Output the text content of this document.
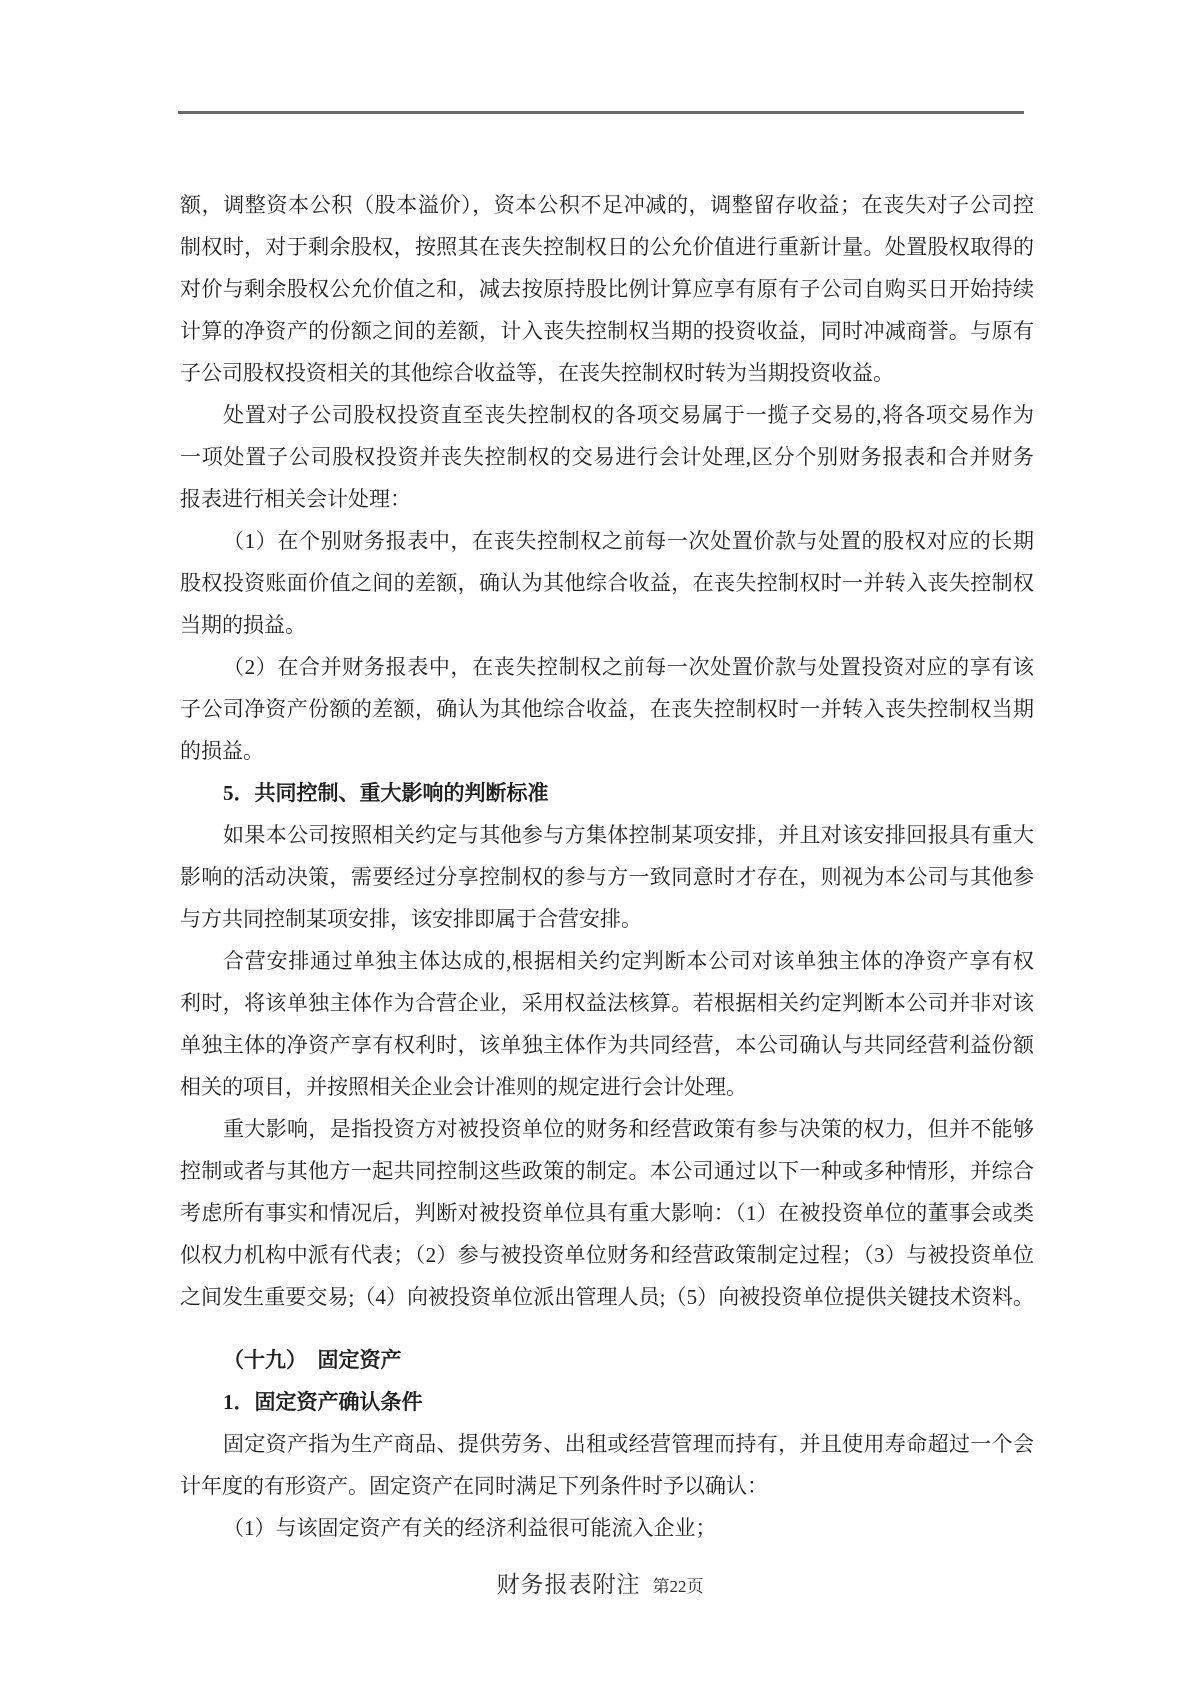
额，调整资本公积（股本溢价），资本公积不足冲减的，调整留存收益；在丧失对子公司控
制权时，对于剩余股权，按照其在丧失控制权日的公允价值进行重新计量。处置股权取得的
对价与剩余股权公允价值之和，减去按原持股比例计算应享有原有子公司自购买日开始持续
计算的净资产的份额之间的差额，计入丧失控制权当期的投资收益，同时冲减商誉。与原有
子公司股权投资相关的其他综合收益等，在丧失控制权时转为当期投资收益。
处置对子公司股权投资直至丧失控制权的各项交易属于一揽子交易的,将各项交易作为
一项处置子公司股权投资并丧失控制权的交易进行会计处理,区分个别财务报表和合并财务
报表进行相关会计处理：
（1）在个别财务报表中，在丧失控制权之前每一次处置价款与处置的股权对应的长期
股权投资账面价值之间的差额，确认为其他综合收益，在丧失控制权时一并转入丧失控制权
当期的损益。
（2）在合并财务报表中，在丧失控制权之前每一次处置价款与处置投资对应的享有该
子公司净资产份额的差额，确认为其他综合收益，在丧失控制权时一并转入丧失控制权当期
的损益。
5．共同控制、重大影响的判断标准
如果本公司按照相关约定与其他参与方集体控制某项安排，并且对该安排回报具有重大
影响的活动决策，需要经过分享控制权的参与方一致同意时才存在，则视为本公司与其他参
与方共同控制某项安排，该安排即属于合营安排。
合营安排通过单独主体达成的,根据相关约定判断本公司对该单独主体的净资产享有权
利时，将该单独主体作为合营企业，采用权益法核算。若根据相关约定判断本公司并非对该
单独主体的净资产享有权利时，该单独主体作为共同经营，本公司确认与共同经营利益份额
相关的项目，并按照相关企业会计准则的规定进行会计处理。
重大影响，是指投资方对被投资单位的财务和经营政策有参与决策的权力，但并不能够
控制或者与其他方一起共同控制这些政策的制定。本公司通过以下一种或多种情形，并综合
考虑所有事实和情况后，判断对被投资单位具有重大影响：（1）在被投资单位的董事会或类
似权力机构中派有代表；（2）参与被投资单位财务和经营政策制定过程；（3）与被投资单位
之间发生重要交易;（4）向被投资单位派出管理人员;（5）向被投资单位提供关键技术资料。
（十九）　固定资产
1．固定资产确认条件
固定资产指为生产商品、提供劳务、出租或经营管理而持有，并且使用寿命超过一个会
计年度的有形资产。固定资产在同时满足下列条件时予以确认：
（1）与该固定资产有关的经济利益很可能流入企业；
财务报表附注 第22页
